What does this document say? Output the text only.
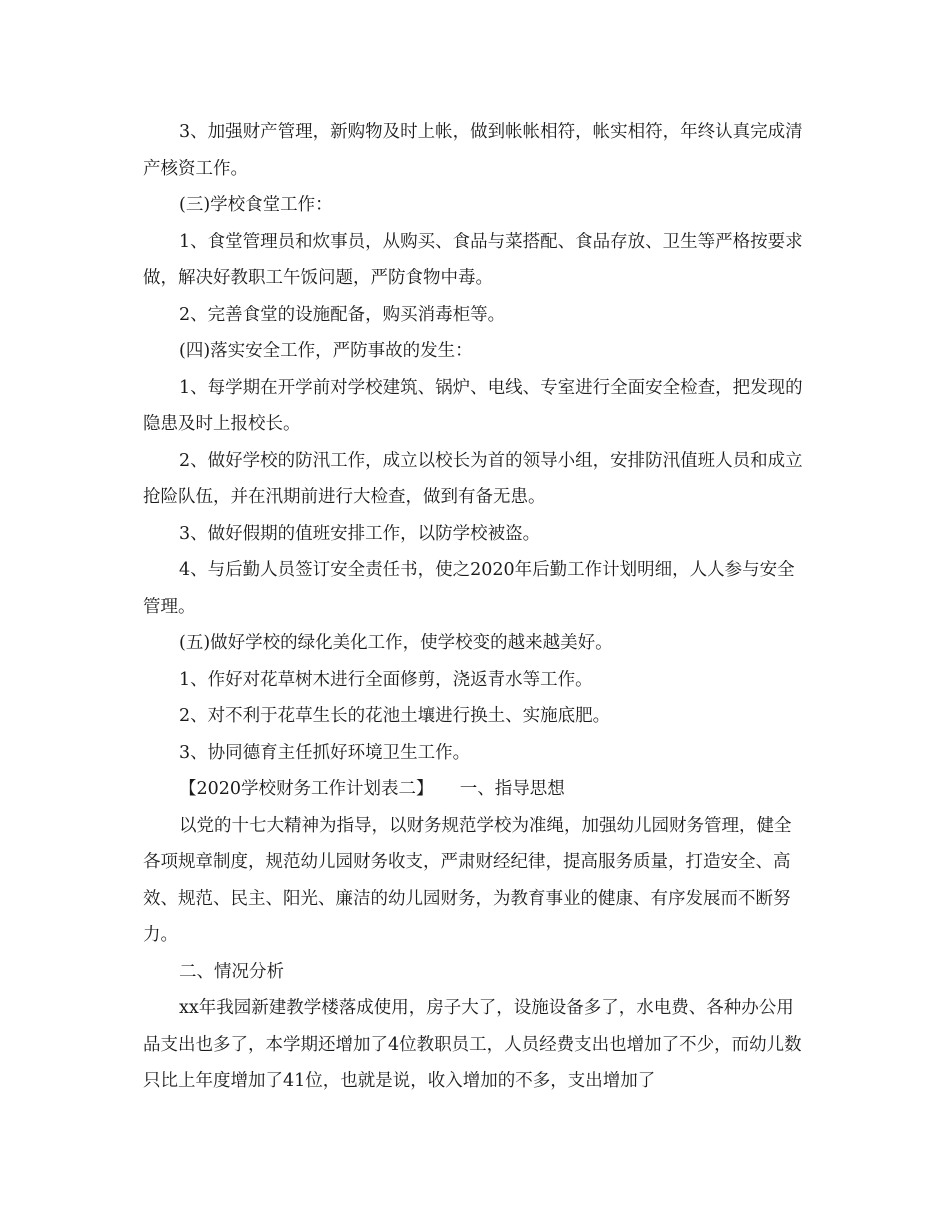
3、加强财产管理，新购物及时上帐，做到帐帐相符，帐实相符，年终认真完成清产核资工作。

(三)学校食堂工作：

1、食堂管理员和炊事员，从购买、食品与菜搭配、食品存放、卫生等严格按要求做，解决好教职工午饭问题，严防食物中毒。

2、完善食堂的设施配备，购买消毒柜等。

(四)落实安全工作，严防事故的发生：

1、每学期在开学前对学校建筑、锅炉、电线、专室进行全面安全检查，把发现的隐患及时上报校长。

2、做好学校的防汛工作，成立以校长为首的领导小组，安排防汛值班人员和成立抢险队伍，并在汛期前进行大检查，做到有备无患。

3、做好假期的值班安排工作，以防学校被盗。

4、与后勤人员签订安全责任书，使之2020年后勤工作计划明细，人人参与安全管理。

(五)做好学校的绿化美化工作，使学校变的越来越美好。

1、作好对花草树木进行全面修剪，浇返青水等工作。

2、对不利于花草生长的花池土壤进行换土、实施底肥。

3、协同德育主任抓好环境卫生工作。

【2020学校财务工作计划表二】　　一、指导思想

以党的十七大精神为指导，以财务规范学校为准绳，加强幼儿园财务管理，健全各项规章制度，规范幼儿园财务收支，严肃财经纪律，提高服务质量，打造安全、高效、规范、民主、阳光、廉洁的幼儿园财务，为教育事业的健康、有序发展而不断努力。

二、情况分析

xx年我园新建教学楼落成使用，房子大了，设施设备多了，水电费、各种办公用品支出也多了，本学期还增加了4位教职员工，人员经费支出也增加了不少，而幼儿数只比上年度增加了41位，也就是说，收入增加的不多，支出增加了
